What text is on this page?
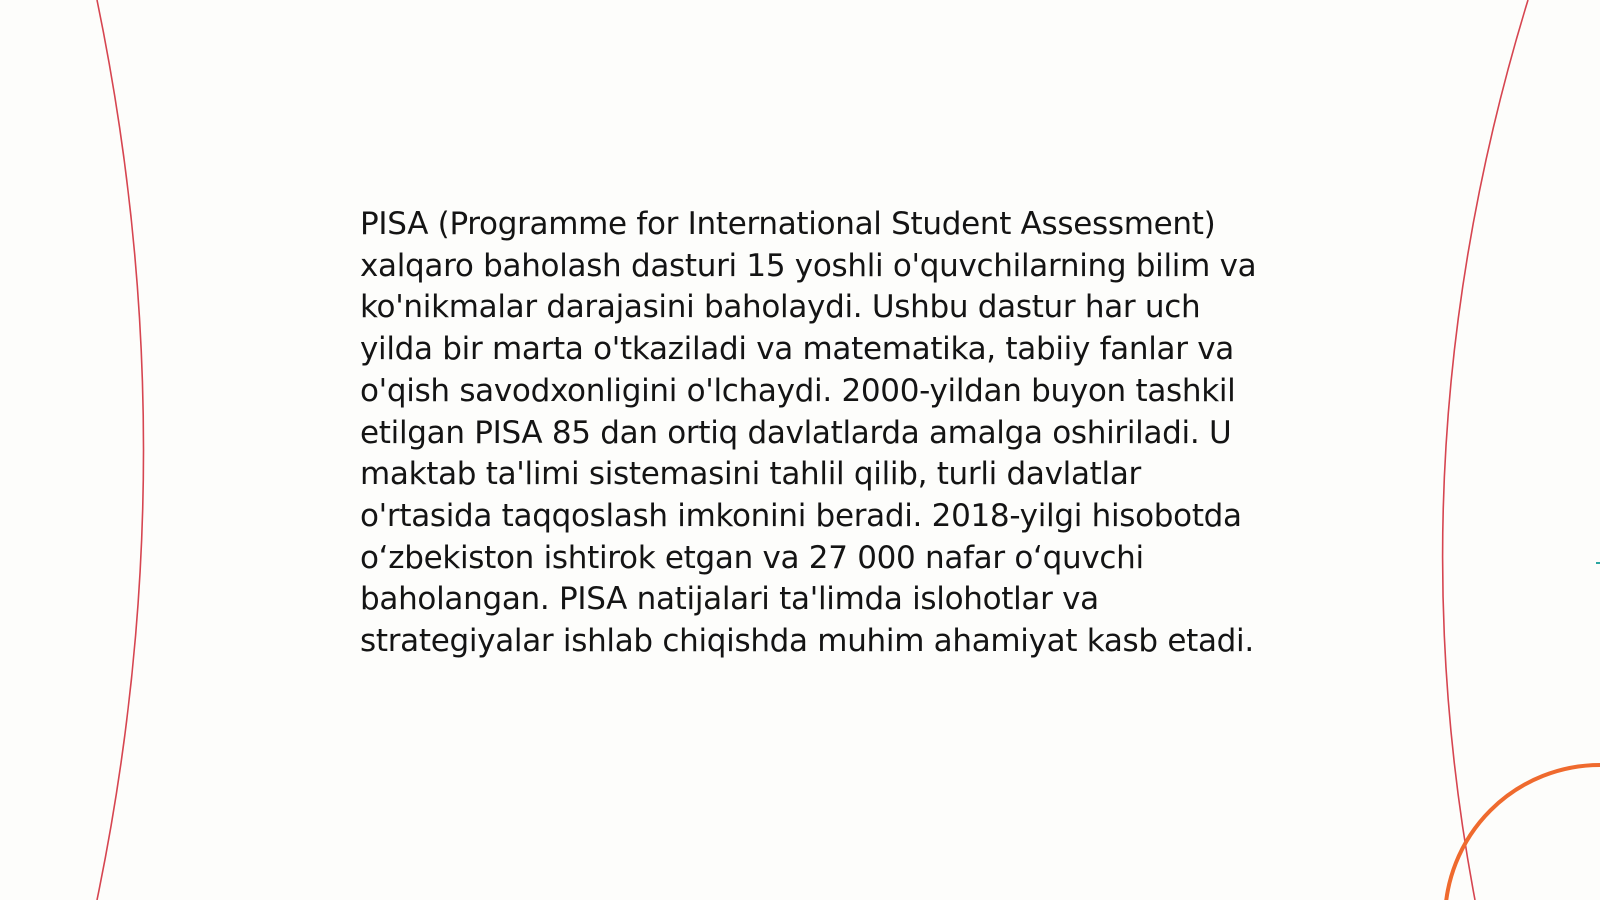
PISA (Programme for International Student Assessment) xalqaro baholash dasturi 15 yoshli o'quvchilarning bilim va ko'nikmalar darajasini baholaydi. Ushbu dastur har uch yilda bir marta o'tkaziladi va matematika, tabiiy fanlar va o'qish savodxonligini o'lchaydi. 2000-yildan buyon tashkil etilgan PISA 85 dan ortiq davlatlarda amalga oshiriladi. U maktab ta'limi sistemasini tahlil qilib, turli davlatlar o'rtasida taqqoslash imkonini beradi. 2018-yilgi hisobotda o‘zbekiston ishtirok etgan va 27 000 nafar o‘quvchi baholangan. PISA natijalari ta'limda islohotlar va strategiyalar ishlab chiqishda muhim ahamiyat kasb etadi.
